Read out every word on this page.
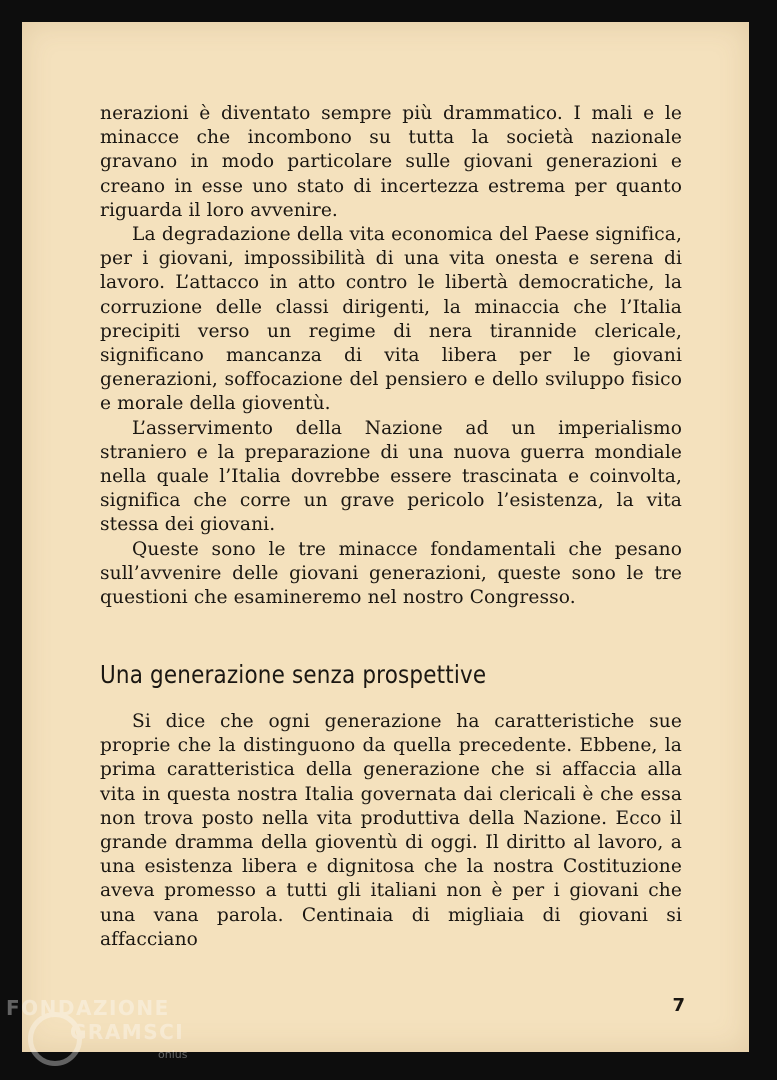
nerazioni è diventato sempre più drammatico. I mali e le minacce che incombono su tutta la società nazionale gravano in modo particolare sulle giovani generazioni e creano in esse uno stato di incertezza estrema per quanto riguarda il loro avvenire.

La degradazione della vita economica del Paese significa, per i giovani, impossibilità di una vita onesta e serena di lavoro. L’attacco in atto contro le libertà democratiche, la corruzione delle classi dirigenti, la minaccia che l’Italia precipiti verso un regime di nera tirannide clericale, significano mancanza di vita libera per le giovani generazioni, soffocazione del pensiero e dello sviluppo fisico e morale della gioventù.

L’asservimento della Nazione ad un imperialismo straniero e la preparazione di una nuova guerra mondiale nella quale l’Italia dovrebbe essere trascinata e coinvolta, significa che corre un grave pericolo l’esistenza, la vita stessa dei giovani.

Queste sono le tre minacce fondamentali che pesano sull’avvenire delle giovani generazioni, queste sono le tre questioni che esamineremo nel nostro Congresso.

Una generazione senza prospettive

Si dice che ogni generazione ha caratteristiche sue proprie che la distinguono da quella precedente. Ebbene, la prima caratteristica della generazione che si affaccia alla vita in questa nostra Italia governata dai clericali è che essa non trova posto nella vita produttiva della Nazione. Ecco il grande dramma della gioventù di oggi. Il diritto al lavoro, a una esistenza libera e dignitosa che la nostra Costituzione aveva promesso a tutti gli italiani non è per i giovani che una vana parola. Centinaia di migliaia di giovani si affacciano

7
FONDAZIONE
GRAMSCI
onlus
